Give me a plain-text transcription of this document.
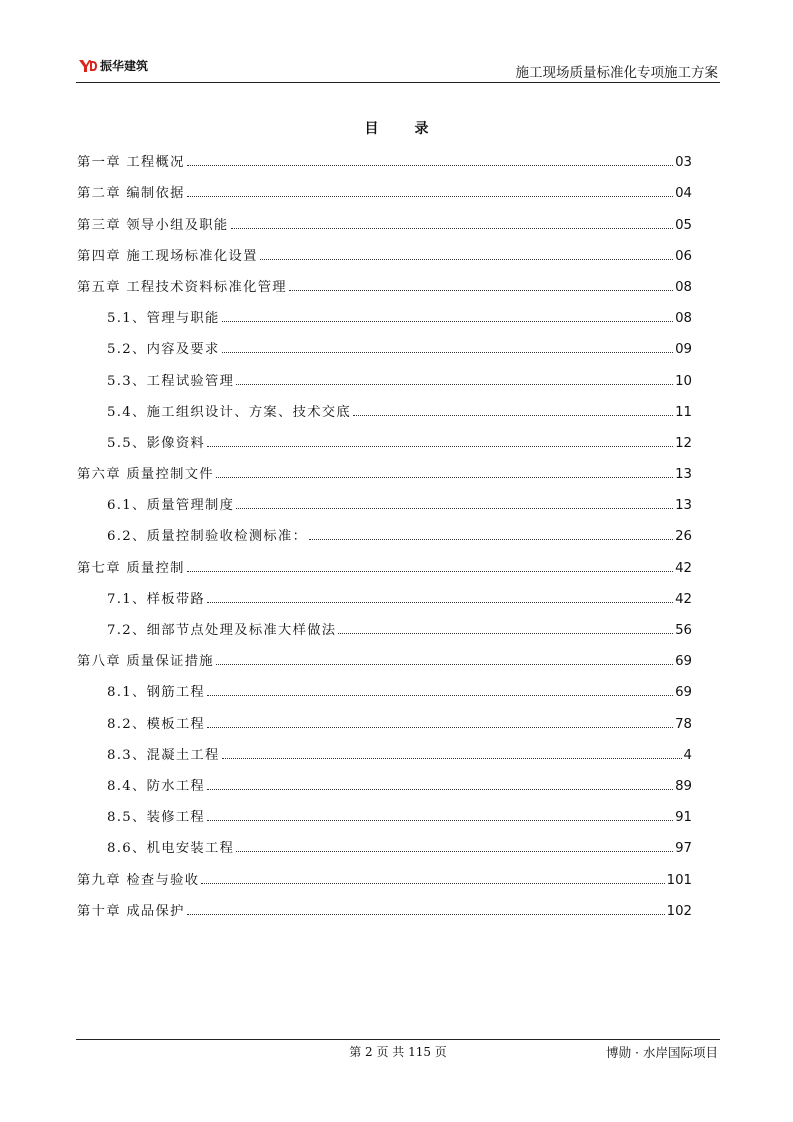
振华建筑	施工现场质量标准化专项施工方案
目录
第一章 工程概况	03
第二章 编制依据	04
第三章 领导小组及职能	05
第四章 施工现场标准化设置	06
第五章 工程技术资料标准化管理	08
5.1、管理与职能	08
5.2、内容及要求	09
5.3、工程试验管理	10
5.4、施工组织设计、方案、技术交底	11
5.5、影像资料	12
第六章 质量控制文件	13
6.1、质量管理制度	13
6.2、质量控制验收检测标准：	26
第七章 质量控制	42
7.1、样板带路	42
7.2、细部节点处理及标准大样做法	56
第八章 质量保证措施	69
8.1、钢筋工程	69
8.2、模板工程	78
8.3、混凝土工程	4
8.4、防水工程	89
8.5、装修工程	91
8.6、机电安装工程	97
第九章 检查与验收	101
第十章 成品保护	102
第 2 页 共 115 页	博勋 · 水岸国际项目
